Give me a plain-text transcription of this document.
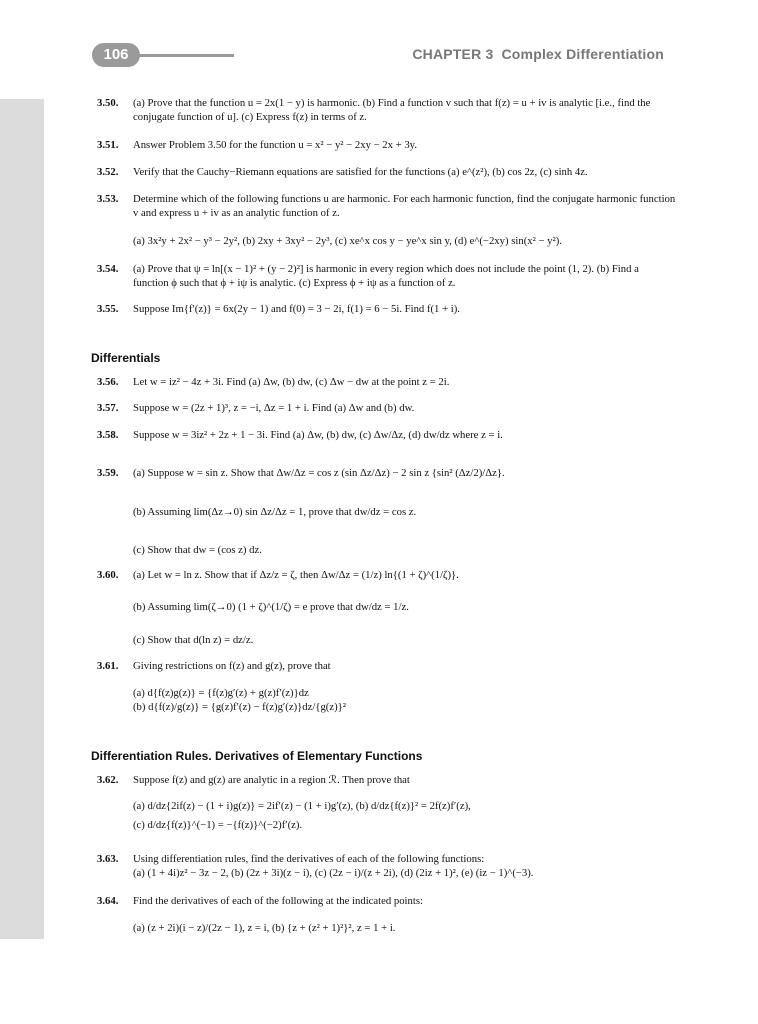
106	CHAPTER 3 Complex Differentiation
3.50. (a) Prove that the function u = 2x(1 − y) is harmonic. (b) Find a function v such that f(z) = u + iv is analytic [i.e., find the conjugate function of u]. (c) Express f(z) in terms of z.
3.51. Answer Problem 3.50 for the function u = x² − y² − 2xy − 2x + 3y.
3.52. Verify that the Cauchy−Riemann equations are satisfied for the functions (a) e^(z²), (b) cos 2z, (c) sinh 4z.
3.53. Determine which of the following functions u are harmonic. For each harmonic function, find the conjugate harmonic function v and express u + iv as an analytic function of z.
(a) 3x²y + 2x² − y³ − 2y², (b) 2xy + 3xy² − 2y³, (c) xe^x cos y − ye^x sin y, (d) e^(−2xy) sin(x² − y²).
3.54. (a) Prove that ψ = ln[(x − 1)² + (y − 2)²] is harmonic in every region which does not include the point (1, 2). (b) Find a function ϕ such that ϕ + iψ is analytic. (c) Express ϕ + iψ as a function of z.
3.55. Suppose Im{f′(z)} = 6x(2y − 1) and f(0) = 3 − 2i, f(1) = 6 − 5i. Find f(1 + i).
Differentials
3.56. Let w = iz² − 4z + 3i. Find (a) Δw, (b) dw, (c) Δw − dw at the point z = 2i.
3.57. Suppose w = (2z + 1)³, z = −i, Δz = 1 + i. Find (a) Δw and (b) dw.
3.58. Suppose w = 3iz² + 2z + 1 − 3i. Find (a) Δw, (b) dw, (c) Δw/Δz, (d) dw/dz where z = i.
3.59. (a) Suppose w = sin z. Show that Δw/Δz = cos z (sin Δz/Δz) − 2 sin z {sin² (Δz/2)/Δz}.
(b) Assuming lim(Δz→0) sin Δz/Δz = 1, prove that dw/dz = cos z.
(c) Show that dw = (cos z) dz.
3.60. (a) Let w = ln z. Show that if Δz/z = ζ, then Δw/Δz = (1/z) ln{(1 + ζ)^(1/ζ)}.
(b) Assuming lim(ζ→0) (1 + ζ)^(1/ζ) = e prove that dw/dz = 1/z.
(c) Show that d(ln z) = dz/z.
3.61. Giving restrictions on f(z) and g(z), prove that
(a) d{f(z)g(z)} = {f(z)g′(z) + g(z)f′(z)}dz
(b) d{f(z)/g(z)} = {g(z)f′(z) − f(z)g′(z)}dz/{g(z)}²
Differentiation Rules. Derivatives of Elementary Functions
3.62. Suppose f(z) and g(z) are analytic in a region ℛ. Then prove that
(a) d/dz{2if(z) − (1 + i)g(z)} = 2if′(z) − (1 + i)g′(z), (b) d/dz{f(z)}² = 2f(z)f′(z),
(c) d/dz{f(z)}^(−1) = −{f(z)}^(−2)f′(z).
3.63. Using differentiation rules, find the derivatives of each of the following functions:
(a) (1 + 4i)z² − 3z − 2, (b) (2z + 3i)(z − i), (c) (2z − i)/(z + 2i), (d) (2iz + 1)², (e) (iz − 1)^(−3).
3.64. Find the derivatives of each of the following at the indicated points:
(a) (z + 2i)(i − z)/(2z − 1), z = i, (b) {z + (z² + 1)²}², z = 1 + i.
